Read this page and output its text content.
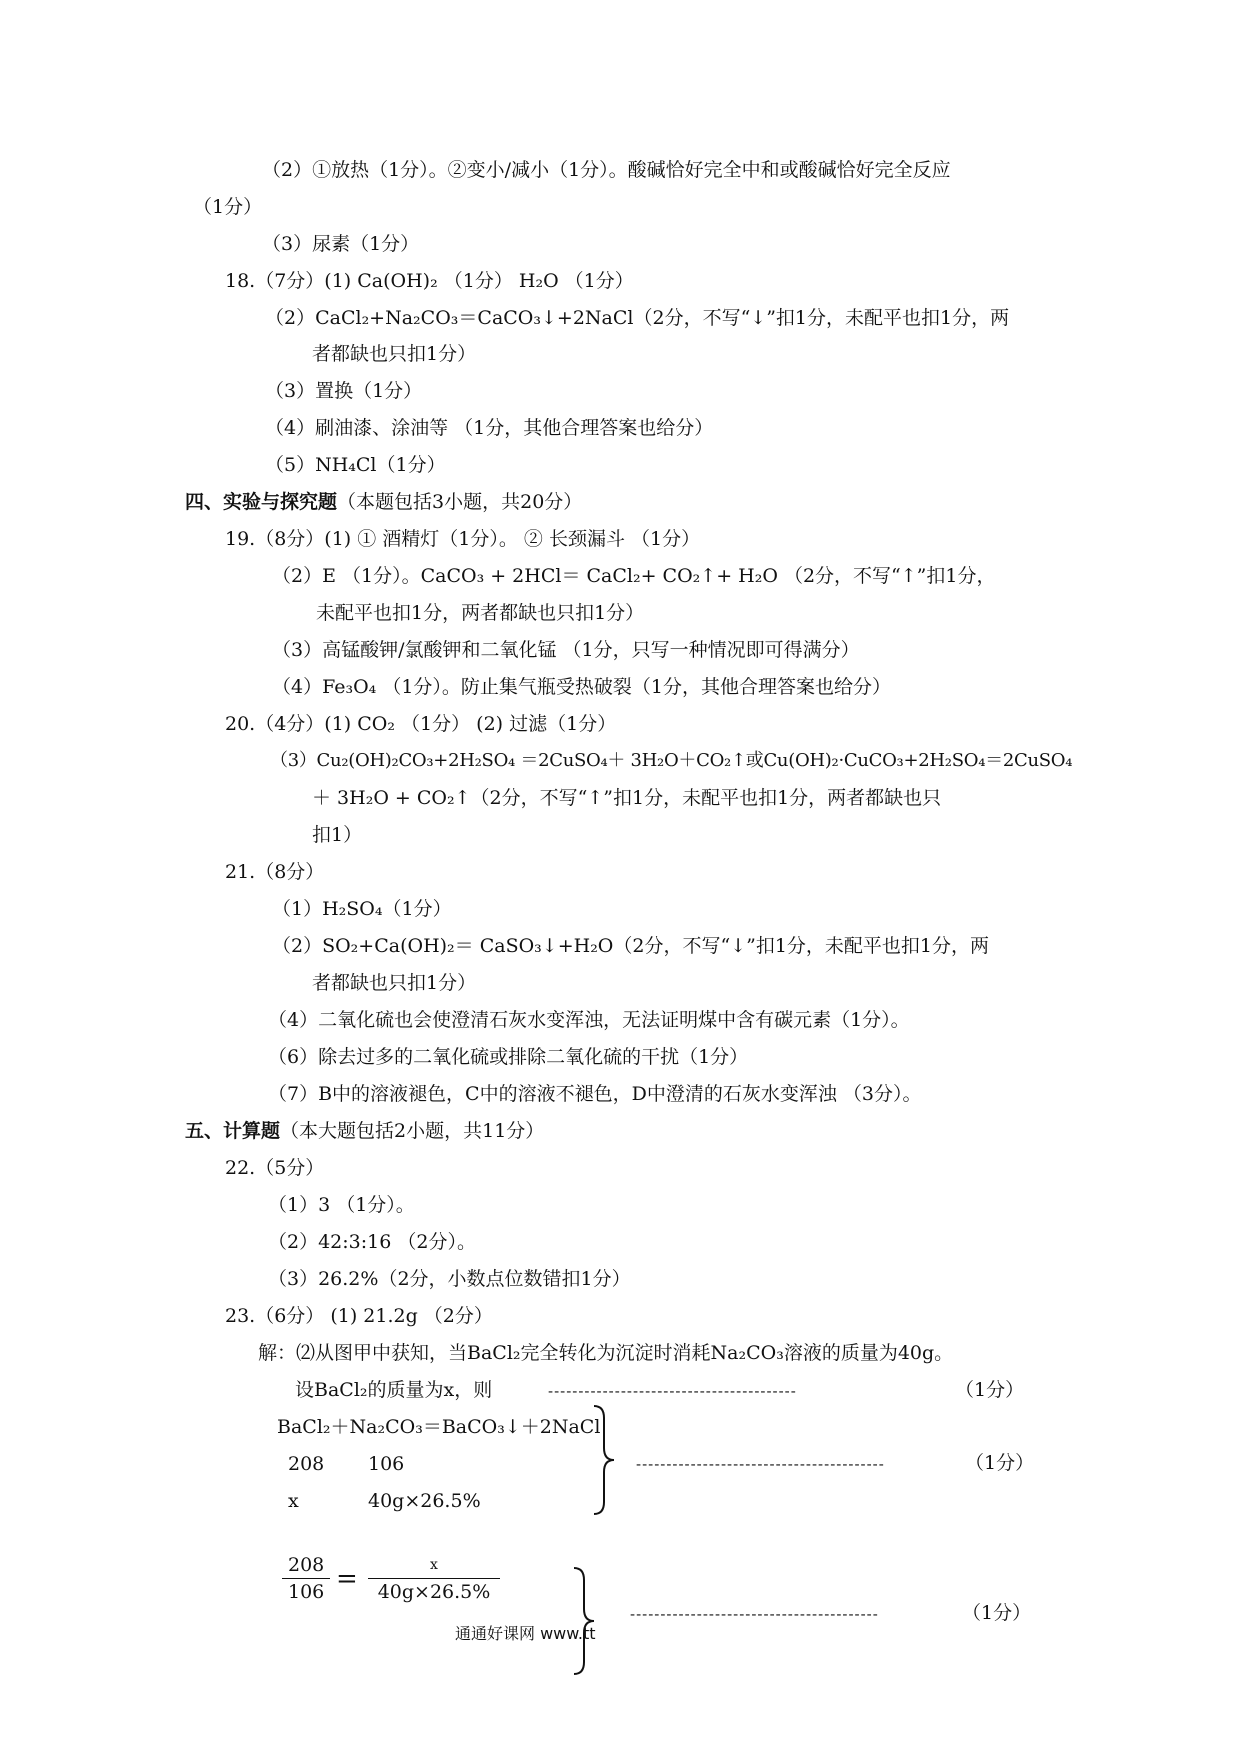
（2）①放热（1分）。②变小/减小（1分）。酸碱恰好完全中和或酸碱恰好完全反应
（1分）
（3）尿素（1分）
18.（7分）(1) Ca(OH)₂ （1分） H₂O （1分）
（2）CaCl₂+Na₂CO₃＝CaCO₃↓+2NaCl（2分，不写“↓”扣1分，未配平也扣1分，两
者都缺也只扣1分）
（3）置换（1分）
（4）刷油漆、涂油等 （1分，其他合理答案也给分）
（5）NH₄Cl（1分）
四、实验与探究题（本题包括3小题，共20分）
19.（8分）(1) ① 酒精灯（1分）。 ② 长颈漏斗 （1分）
（2）E （1分）。CaCO₃ + 2HCl＝ CaCl₂+ CO₂↑+ H₂O （2分，不写“↑”扣1分，
未配平也扣1分，两者都缺也只扣1分）
（3）高锰酸钾/氯酸钾和二氧化锰 （1分，只写一种情况即可得满分）
（4）Fe₃O₄ （1分）。防止集气瓶受热破裂（1分，其他合理答案也给分）
20.（4分）(1) CO₂ （1分） (2) 过滤（1分）
（3）Cu₂(OH)₂CO₃+2H₂SO₄ ＝2CuSO₄＋ 3H₂O＋CO₂↑或Cu(OH)₂·CuCO₃+2H₂SO₄＝2CuSO₄
＋ 3H₂O + CO₂↑（2分，不写“↑”扣1分，未配平也扣1分，两者都缺也只
扣1）
21.（8分）
（1）H₂SO₄（1分）
（2）SO₂+Ca(OH)₂＝ CaSO₃↓+H₂O（2分，不写“↓”扣1分，未配平也扣1分，两
者都缺也只扣1分）
（4）二氧化硫也会使澄清石灰水变浑浊，无法证明煤中含有碳元素（1分）。
（6）除去过多的二氧化硫或排除二氧化硫的干扰（1分）
（7）B中的溶液褪色，C中的溶液不褪色，D中澄清的石灰水变浑浊 （3分）。
五、计算题（本大题包括2小题，共11分）
22.（5分）
（1）3 （1分）。
（2）42:3:16 （2分）。
（3）26.2%（2分，小数点位数错扣1分）
23.（6分） (1) 21.2g （2分）
解：⑵从图甲中获知，当BaCl₂完全转化为沉淀时消耗Na₂CO₃溶液的质量为40g。
设BaCl₂的质量为x，则	-----------------------------------------	（1分）
BaCl₂＋Na₂CO₃＝BaCO₃↓＋2NaCl
208 106
x	40g×26.5%
-----------------------------------------	（1分）
208
106 =	x
40g×26.5%
-----------------------------------------	（1分）
通通好课网 www.tt
